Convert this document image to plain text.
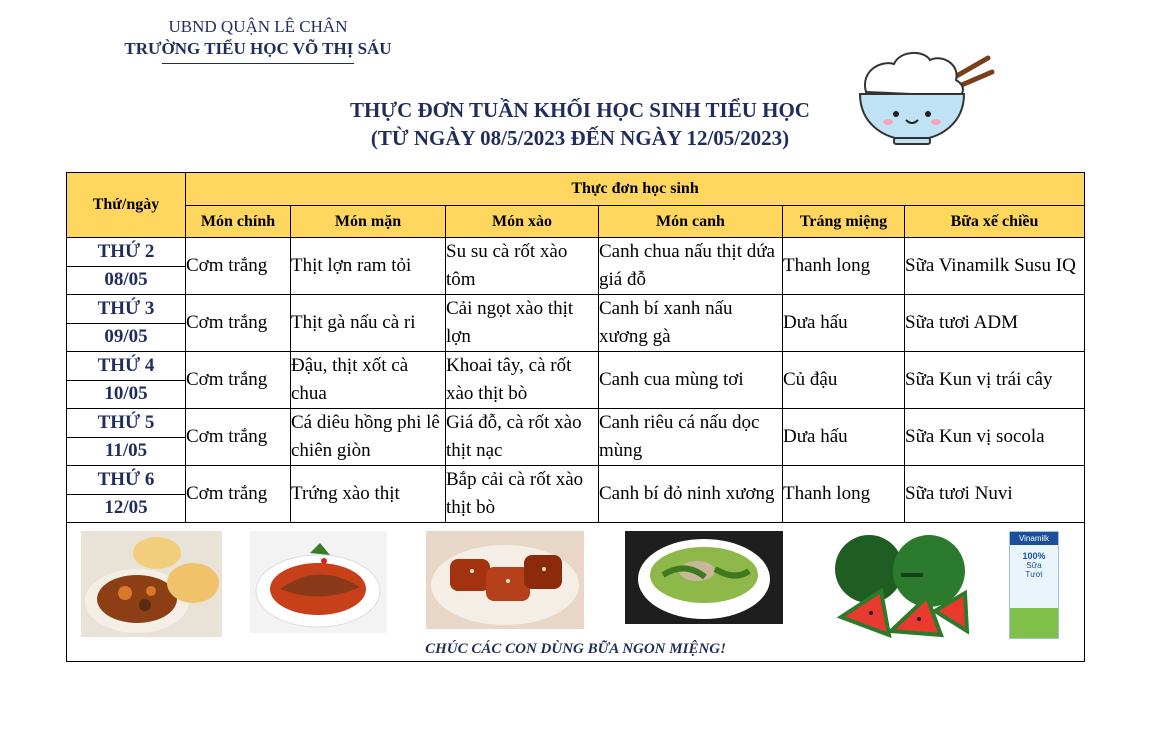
UBND QUẬN LÊ CHÂN
TRƯỜNG TIỂU HỌC VÕ THỊ SÁU
THỰC ĐƠN TUẦN KHỐI HỌC SINH TIỂU HỌC
(TỪ NGÀY 08/5/2023 ĐẾN NGÀY 12/05/2023)
Thứ/ngày	Thực đơn học sinh					
	Món chính	Món mặn	Món xào	Món canh	Tráng miệng	Bữa xế chiều
THỨ 2	Cơm trắng	Thịt lợn ram tỏi	Su su cà rốt xào tôm	Canh chua nấu thịt dứa giá đỗ	Thanh long	Sữa Vinamilk Susu IQ
08/05						
THỨ 3	Cơm trắng	Thịt gà nấu cà ri	Cải ngọt xào thịt lợn	Canh bí xanh nấu xương gà	Dưa hấu	Sữa tươi ADM
09/05						
THỨ 4	Cơm trắng	Đậu, thịt xốt cà chua	Khoai tây, cà rốt xào thịt bò	Canh cua mùng tơi	Củ đậu	Sữa Kun vị trái cây
10/05						
THỨ 5	Cơm trắng	Cá diêu hồng phi lê chiên giòn	Giá đỗ, cà rốt xào thịt nạc	Canh riêu cá nấu dọc mùng	Dưa hấu	Sữa Kun vị socola
11/05						
THỨ 6	Cơm trắng	Trứng xào thịt	Bắp cải cà rốt xào thịt bò	Canh bí đỏ ninh xương	Thanh long	Sữa tươi Nuvi
12/05						

Vinamilk
100%
Sữa
Tươi
CHÚC CÁC CON DÙNG BỮA NGON MIỆNG!						
